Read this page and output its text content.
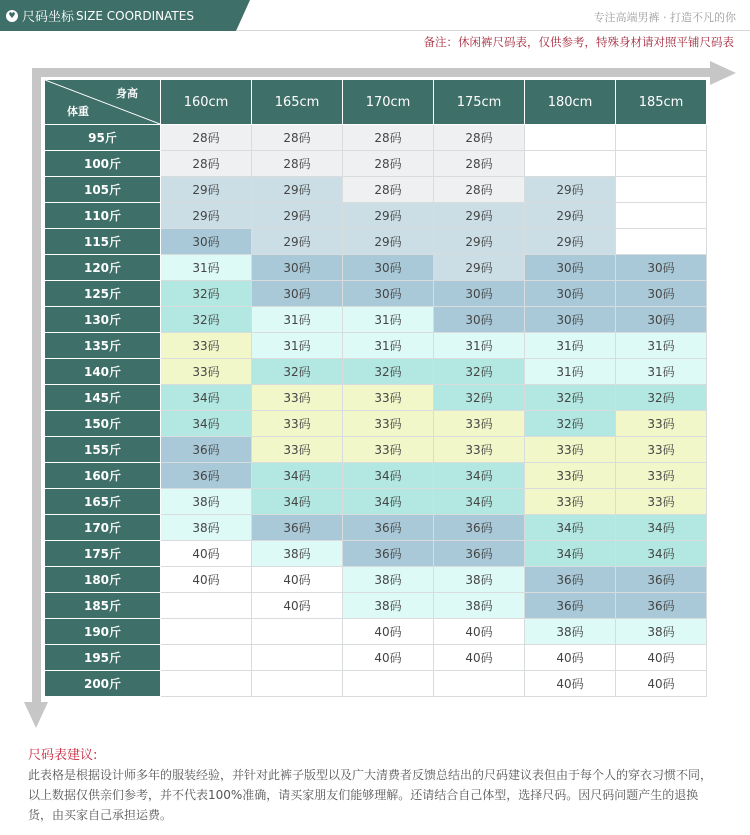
♥ 尺码坐标 SIZE COORDINATES	专注高端男裤 · 打造不凡的你
备注：休闲裤尺码表，仅供参考，特殊身材请对照平铺尺码表
身高
体重	160cm	165cm	170cm	175cm	180cm	185cm
95斤	28码	28码	28码	28码		
100斤	28码	28码	28码	28码		
105斤	29码	29码	28码	28码	29码	
110斤	29码	29码	29码	29码	29码	
115斤	30码	29码	29码	29码	29码	
120斤	31码	30码	30码	29码	30码	30码
125斤	32码	30码	30码	30码	30码	30码
130斤	32码	31码	31码	30码	30码	30码
135斤	33码	31码	31码	31码	31码	31码
140斤	33码	32码	32码	32码	31码	31码
145斤	34码	33码	33码	32码	32码	32码
150斤	34码	33码	33码	33码	32码	33码
155斤	36码	33码	33码	33码	33码	33码
160斤	36码	34码	34码	34码	33码	33码
165斤	38码	34码	34码	34码	33码	33码
170斤	38码	36码	36码	36码	34码	34码
175斤	40码	38码	36码	36码	34码	34码
180斤	40码	40码	38码	38码	36码	36码
185斤		40码	38码	38码	36码	36码
190斤			40码	40码	38码	38码
195斤			40码	40码	40码	40码
200斤					40码	40码
尺码表建议:
此表格是根据设计师多年的服装经验，并针对此裤子版型以及广大清费者反馈总结出的尺码建议表但由于每个人的穿衣习惯不同，以上数据仅供亲们参考，并不代表100%准确，请买家朋友们能够理解。还请结合自己体型，选择尺码。因尺码问题产生的退换货，由买家自己承担运费。
